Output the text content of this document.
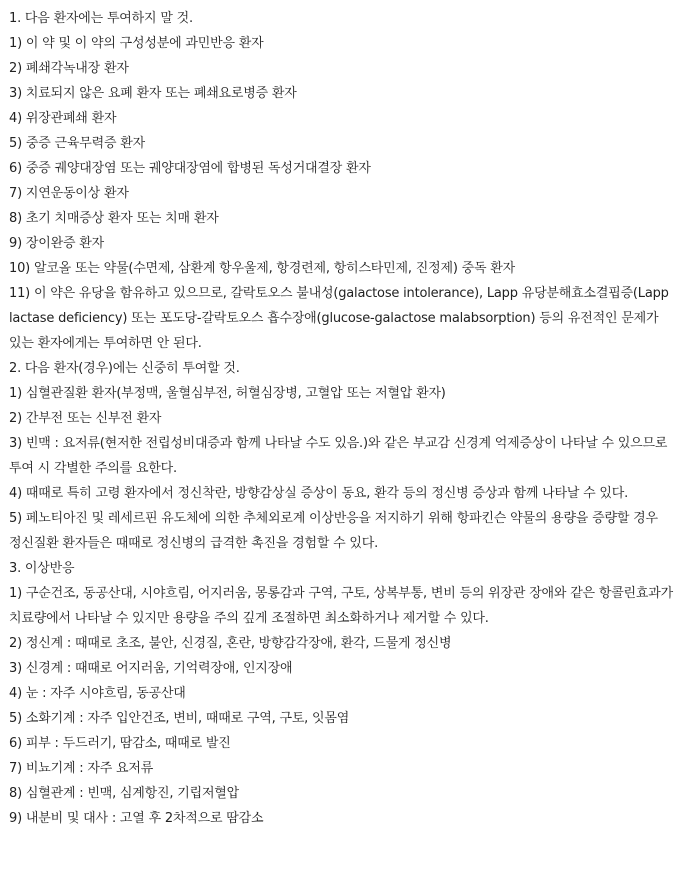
1. 다음 환자에는 투여하지 말 것.
1) 이 약 및 이 약의 구성성분에 과민반응 환자
2) 폐쇄각녹내장 환자
3) 치료되지 않은 요폐 환자 또는 폐쇄요로병증 환자
4) 위장관폐쇄 환자
5) 중증 근육무력증 환자
6) 중증 궤양대장염 또는 궤양대장염에 합병된 독성거대결장 환자
7) 지연운동이상 환자
8) 초기 치매증상 환자 또는 치매 환자
9) 장이완증 환자
10) 알코올 또는 약물(수면제, 삼환계 항우울제, 항경련제, 항히스타민제, 진정제) 중독 환자
11) 이 약은 유당을 함유하고 있으므로, 갈락토오스 불내성(galactose intolerance), Lapp 유당분해효소결핍증(Lapp lactase deficiency) 또는 포도당-갈락토오스 흡수장애(glucose-galactose malabsorption) 등의 유전적인 문제가 있는 환자에게는 투여하면 안 된다.
2. 다음 환자(경우)에는 신중히 투여할 것.
1) 심혈관질환 환자(부정맥, 울혈심부전, 허혈심장병, 고혈압 또는 저혈압 환자)
2) 간부전 또는 신부전 환자
3) 빈맥 : 요저류(현저한 전립성비대증과 함께 나타날 수도 있음.)와 같은 부교감 신경계 억제증상이 나타날 수 있으므로 투여 시 각별한 주의를 요한다.
4) 때때로 특히 고령 환자에서 정신착란, 방향감상실 증상이 동요, 환각 등의 정신병 증상과 함께 나타날 수 있다.
5) 페노티아진 및 레세르핀 유도체에 의한 추체외로계 이상반응을 저지하기 위해 항파킨슨 약물의 용량을 증량할 경우 정신질환 환자들은 때때로 정신병의 급격한 촉진을 경험할 수 있다.
3. 이상반응
1) 구순건조, 동공산대, 시야흐림, 어지러움, 몽롱감과 구역, 구토, 상복부통, 변비 등의 위장관 장애와 같은 항콜린효과가 치료량에서 나타날 수 있지만 용량을 주의 깊게 조절하면 최소화하거나 제거할 수 있다.
2) 정신계 : 때때로 초조, 불안, 신경질, 혼란, 방향감각장애, 환각, 드물게 정신병
3) 신경계 : 때때로 어지러움, 기억력장애, 인지장애
4) 눈 : 자주 시야흐림, 동공산대
5) 소화기계 : 자주 입안건조, 변비, 때때로 구역, 구토, 잇몸염
6) 피부 : 두드러기, 땀감소, 때때로 발진
7) 비뇨기계 : 자주 요저류
8) 심혈관계 : 빈맥, 심계항진, 기립저혈압
9) 내분비 및 대사 : 고열 후 2차적으로 땀감소
